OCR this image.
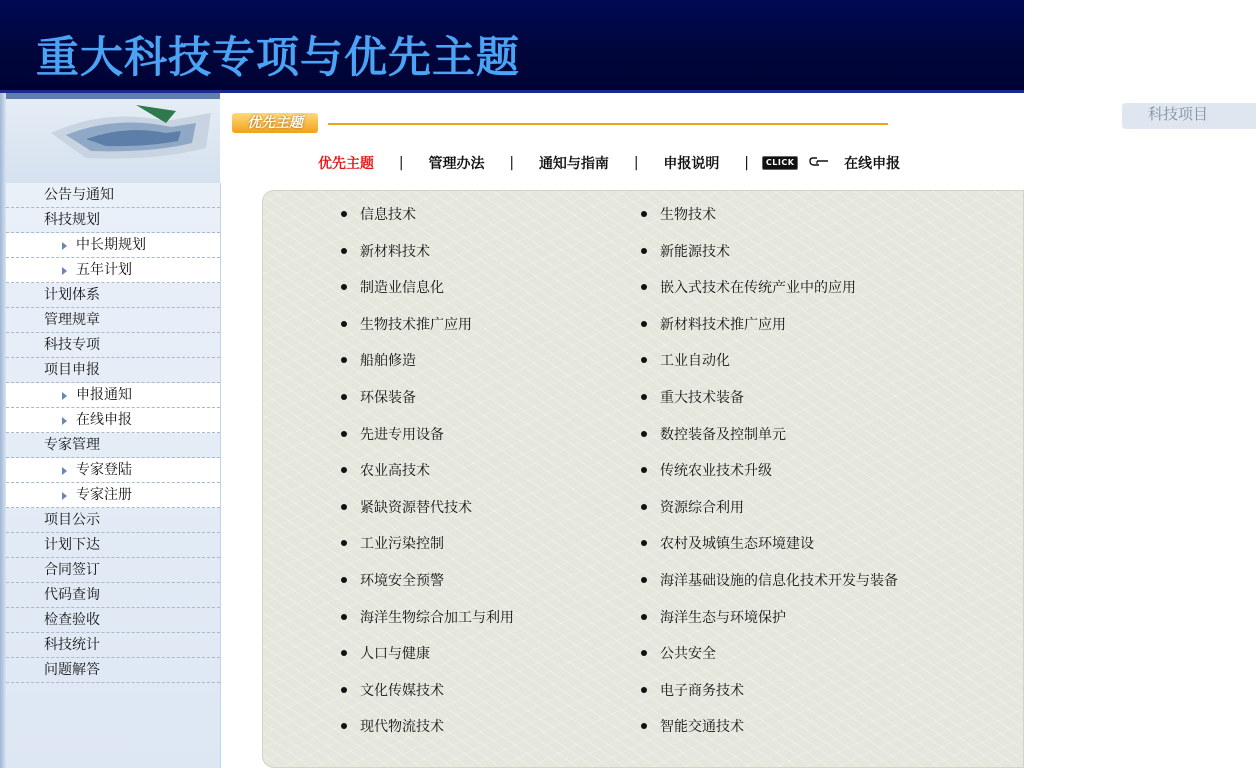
重大科技专项与优先主题
公告与通知
科技规划
中长期规划
五年计划
计划体系
管理规章
科技专项
项目申报
申报通知
在线申报
专家管理
专家登陆
专家注册
项目公示
计划下达
合同签订
代码查询
检查验收
科技统计
问题解答
优先主题	科技项目
优先主题 | 管理办法 | 通知与指南 | 申报说明 | CLICK	在线申报
信息技术
新材料技术
制造业信息化
生物技术推广应用
船舶修造
环保装备
先进专用设备
农业高技术
紧缺资源替代技术
工业污染控制
环境安全预警
海洋生物综合加工与利用
人口与健康
文化传媒技术
现代物流技术
生物技术
新能源技术
嵌入式技术在传统产业中的应用
新材料技术推广应用
工业自动化
重大技术装备
数控装备及控制单元
传统农业技术升级
资源综合利用
农村及城镇生态环境建设
海洋基础设施的信息化技术开发与装备
海洋生态与环境保护
公共安全
电子商务技术
智能交通技术
